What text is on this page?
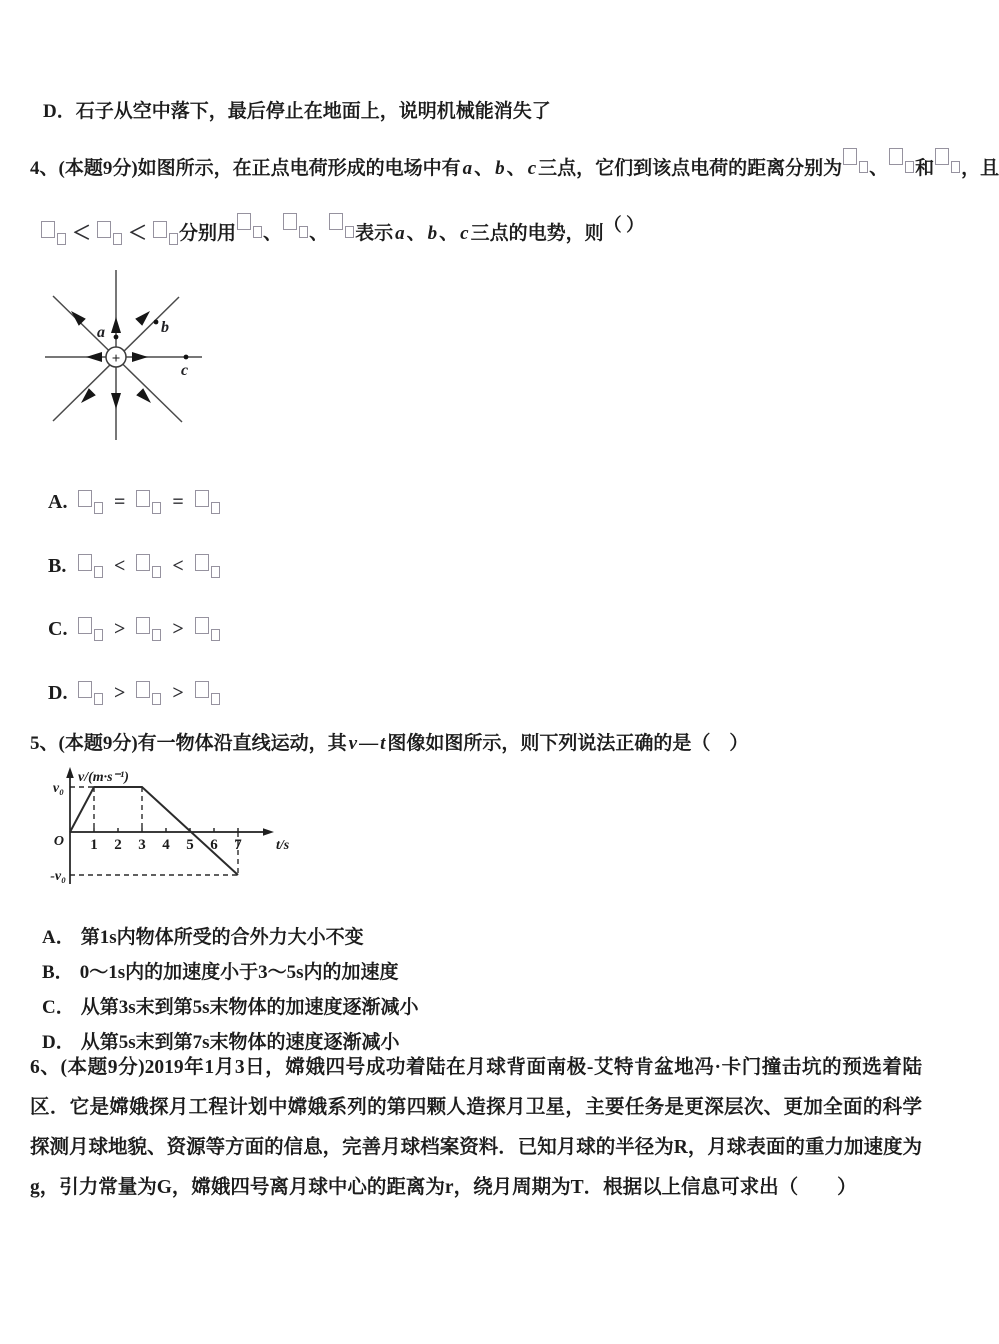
D．石子从空中落下，最后停止在地面上，说明机械能消失了
4、(本题9分)如图所示，在正点电荷形成的电场中有 a 、 b 、 c 三点，它们到该点电荷的距离分别为 、 和 ，且
＜ ＜ 分别用 、 、 表示 a 、 b 、 c 三点的电势，则（ ）
+
a	b
c
A. = =
B. < <
C. > >
D. > >
5、(本题9分)有一物体沿直线运动，其 v — t 图像如图所示，则下列说法正确的是（　）
v/(m·s⁻¹)
v₀
-v₀
O	t/s
1 2 3 4 5 6 7
A． 第1s内物体所受的合外力大小不变
B． 0～1s内的加速度小于3～5s内的加速度
C． 从第3s末到第5s末物体的加速度逐渐减小
D． 从第5s末到第7s末物体的速度逐渐减小
6、(本题9分)2019年1月3日，嫦娥四号成功着陆在月球背面南极-艾特肯盆地冯·卡门撞击坑的预选着陆区．它是嫦娥探月工程计划中嫦娥系列的第四颗人造探月卫星，主要任务是更深层次、更加全面的科学探测月球地貌、资源等方面的信息，完善月球档案资料．已知月球的半径为R，月球表面的重力加速度为g，引力常量为G，嫦娥四号离月球中心的距离为r，绕月周期为T．根据以上信息可求出（　　）
